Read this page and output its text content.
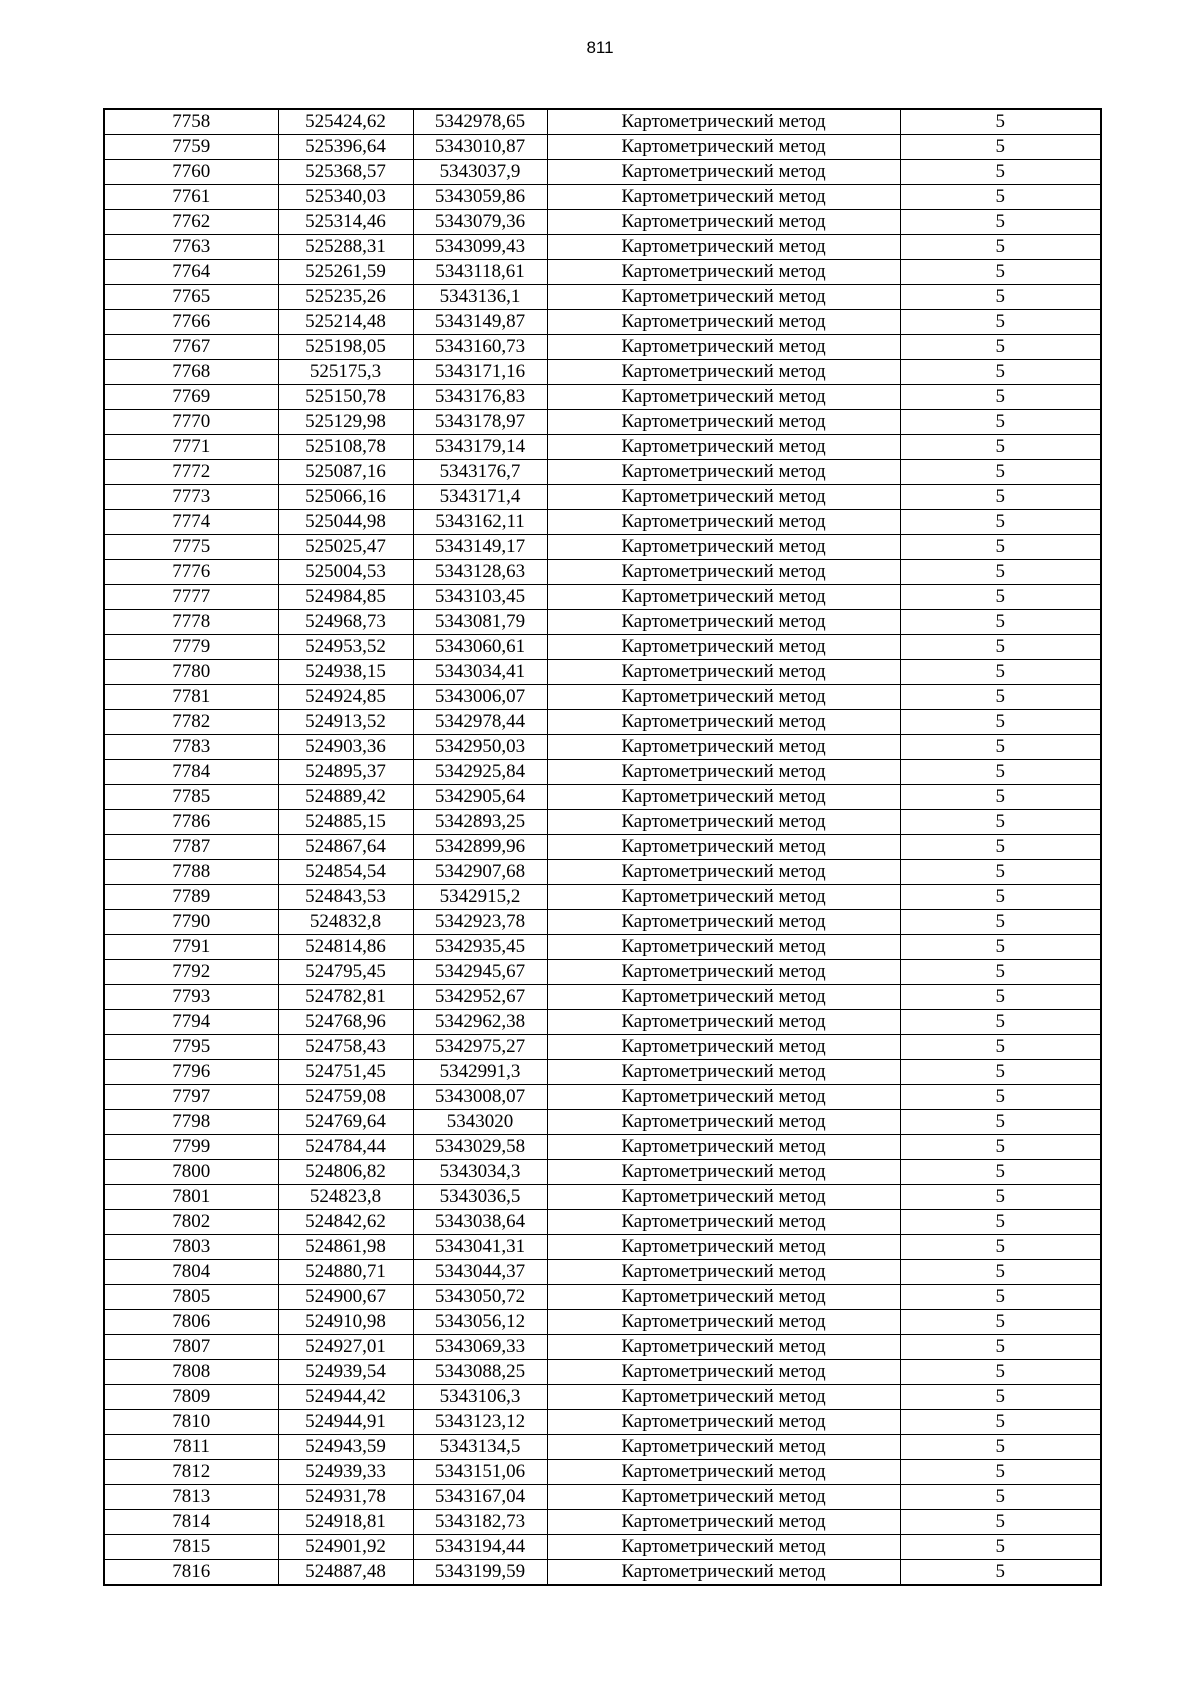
811
7758	525424,62	5342978,65	Картометрический метод	5
7759	525396,64	5343010,87	Картометрический метод	5
7760	525368,57	5343037,9	Картометрический метод	5
7761	525340,03	5343059,86	Картометрический метод	5
7762	525314,46	5343079,36	Картометрический метод	5
7763	525288,31	5343099,43	Картометрический метод	5
7764	525261,59	5343118,61	Картометрический метод	5
7765	525235,26	5343136,1	Картометрический метод	5
7766	525214,48	5343149,87	Картометрический метод	5
7767	525198,05	5343160,73	Картометрический метод	5
7768	525175,3	5343171,16	Картометрический метод	5
7769	525150,78	5343176,83	Картометрический метод	5
7770	525129,98	5343178,97	Картометрический метод	5
7771	525108,78	5343179,14	Картометрический метод	5
7772	525087,16	5343176,7	Картометрический метод	5
7773	525066,16	5343171,4	Картометрический метод	5
7774	525044,98	5343162,11	Картометрический метод	5
7775	525025,47	5343149,17	Картометрический метод	5
7776	525004,53	5343128,63	Картометрический метод	5
7777	524984,85	5343103,45	Картометрический метод	5
7778	524968,73	5343081,79	Картометрический метод	5
7779	524953,52	5343060,61	Картометрический метод	5
7780	524938,15	5343034,41	Картометрический метод	5
7781	524924,85	5343006,07	Картометрический метод	5
7782	524913,52	5342978,44	Картометрический метод	5
7783	524903,36	5342950,03	Картометрический метод	5
7784	524895,37	5342925,84	Картометрический метод	5
7785	524889,42	5342905,64	Картометрический метод	5
7786	524885,15	5342893,25	Картометрический метод	5
7787	524867,64	5342899,96	Картометрический метод	5
7788	524854,54	5342907,68	Картометрический метод	5
7789	524843,53	5342915,2	Картометрический метод	5
7790	524832,8	5342923,78	Картометрический метод	5
7791	524814,86	5342935,45	Картометрический метод	5
7792	524795,45	5342945,67	Картометрический метод	5
7793	524782,81	5342952,67	Картометрический метод	5
7794	524768,96	5342962,38	Картометрический метод	5
7795	524758,43	5342975,27	Картометрический метод	5
7796	524751,45	5342991,3	Картометрический метод	5
7797	524759,08	5343008,07	Картометрический метод	5
7798	524769,64	5343020	Картометрический метод	5
7799	524784,44	5343029,58	Картометрический метод	5
7800	524806,82	5343034,3	Картометрический метод	5
7801	524823,8	5343036,5	Картометрический метод	5
7802	524842,62	5343038,64	Картометрический метод	5
7803	524861,98	5343041,31	Картометрический метод	5
7804	524880,71	5343044,37	Картометрический метод	5
7805	524900,67	5343050,72	Картометрический метод	5
7806	524910,98	5343056,12	Картометрический метод	5
7807	524927,01	5343069,33	Картометрический метод	5
7808	524939,54	5343088,25	Картометрический метод	5
7809	524944,42	5343106,3	Картометрический метод	5
7810	524944,91	5343123,12	Картометрический метод	5
7811	524943,59	5343134,5	Картометрический метод	5
7812	524939,33	5343151,06	Картометрический метод	5
7813	524931,78	5343167,04	Картометрический метод	5
7814	524918,81	5343182,73	Картометрический метод	5
7815	524901,92	5343194,44	Картометрический метод	5
7816	524887,48	5343199,59	Картометрический метод	5
